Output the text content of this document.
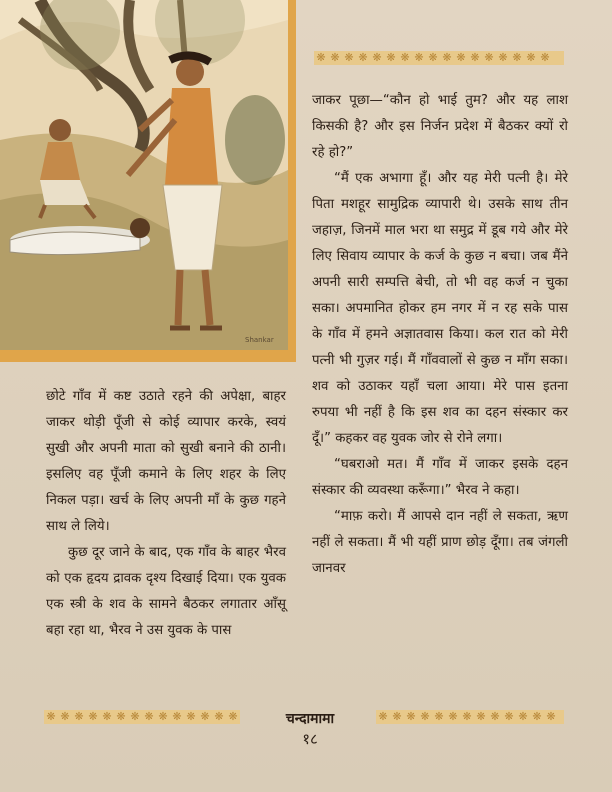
Shankar
❋ ❋ ❋ ❋ ❋ ❋ ❋ ❋ ❋ ❋ ❋ ❋ ❋ ❋ ❋ ❋ ❋

जाकर पूछा—“कौन हो भाई तुम? और यह लाश किसकी है? और इस निर्जन प्रदेश में बैठकर क्यों रो रहे हो?”

“मैं एक अभागा हूँ। और यह मेरी पत्नी है। मेरे पिता मशहूर सामुद्रिक व्यापारी थे। उसके साथ तीन जहाज़, जिनमें माल भरा था समुद्र में डूब गये और मेरे लिए सिवाय व्यापार के कर्ज के कुछ न बचा। जब मैंने अपनी सारी सम्पत्ति बेची, तो भी वह कर्ज न चुका सका। अपमानित होकर हम नगर में न रह सके पास के गाँव में हमने अज्ञातवास किया। कल रात को मेरी पत्नी भी गुज़र गई। मैं गाँववालों से कुछ न माँग सका। शव को उठाकर यहाँ चला आया। मेरे पास इतना रुपया भी नहीं है कि इस शव का दहन संस्कार कर दूँ।” कहकर वह युवक जोर से रोने लगा।

“घबराओ मत। मैं गाँव में जाकर इसके दहन संस्कार की व्यवस्था करूँगा।” भैरव ने कहा।

“माफ़ करो। मैं आपसे दान नहीं ले सकता, ऋण नहीं ले सकता। मैं भी यहीं प्राण छोड़ दूँगा। तब जंगली जानवर

छोटे गाँव में कष्ट उठाते रहने की अपेक्षा, बाहर जाकर थोड़ी पूँजी से कोई व्यापार करके, स्वयं सुखी और अपनी माता को सुखी बनाने की ठानी। इसलिए वह पूँजी कमाने के लिए शहर के लिए निकल पड़ा। खर्च के लिए अपनी माँ के कुछ गहने साथ ले लिये।

कुछ दूर जाने के बाद, एक गाँव के बाहर भैरव को एक हृदय द्रावक दृश्य दिखाई दिया। एक युवक एक स्त्री के शव के सामने बैठकर लगातार आँसू बहा रहा था, भैरव ने उस युवक के पास

❋ ❋ ❋ ❋ ❋ ❋ ❋ ❋ ❋ ❋ ❋ ❋ ❋ ❋	❋ ❋ ❋ ❋ ❋ ❋ ❋ ❋ ❋ ❋ ❋ ❋ ❋
चन्दामामा
१८
